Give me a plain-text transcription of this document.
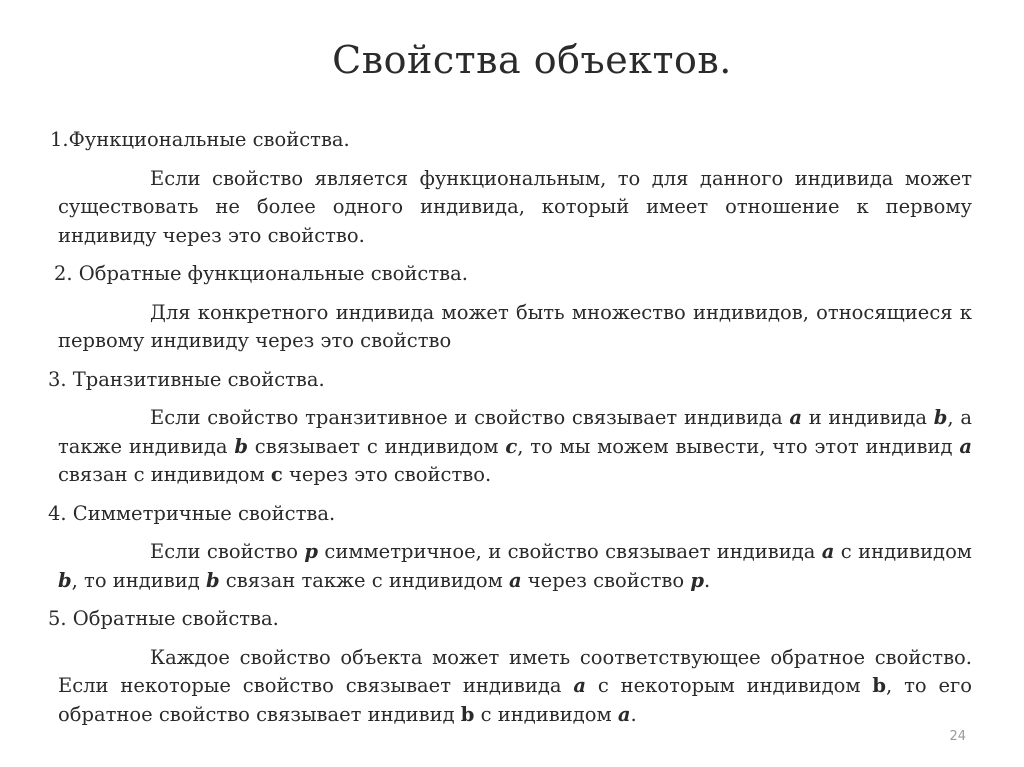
Свойства объектов.

1.Функциональные свойства.

Если свойство является функциональным, то для данного индивида может существовать не более одного индивида, который имеет отношение к первому индивиду через это свойство.

2. Обратные функциональные свойства.

Для конкретного индивида может быть множество индивидов, относящиеся к первому индивиду через это свойство

3. Транзитивные свойства.

Если свойство транзитивное и свойство связывает индивида a и индивида b, а также индивида b связывает с индивидом c, то мы можем вывести, что этот индивид a связан с индивидом c через это свойство.

4. Симметричные свойства.

Если свойство p симметричное, и свойство связывает индивида a с индивидом b, то индивид b связан также с индивидом a через свойство p.

5. Обратные свойства.

Каждое свойство объекта может иметь соответствующее обратное свойство. Если некоторые свойство связывает индивида a с некоторым индивидом b, то его обратное свойство связывает индивид b с индивидом a.

24
